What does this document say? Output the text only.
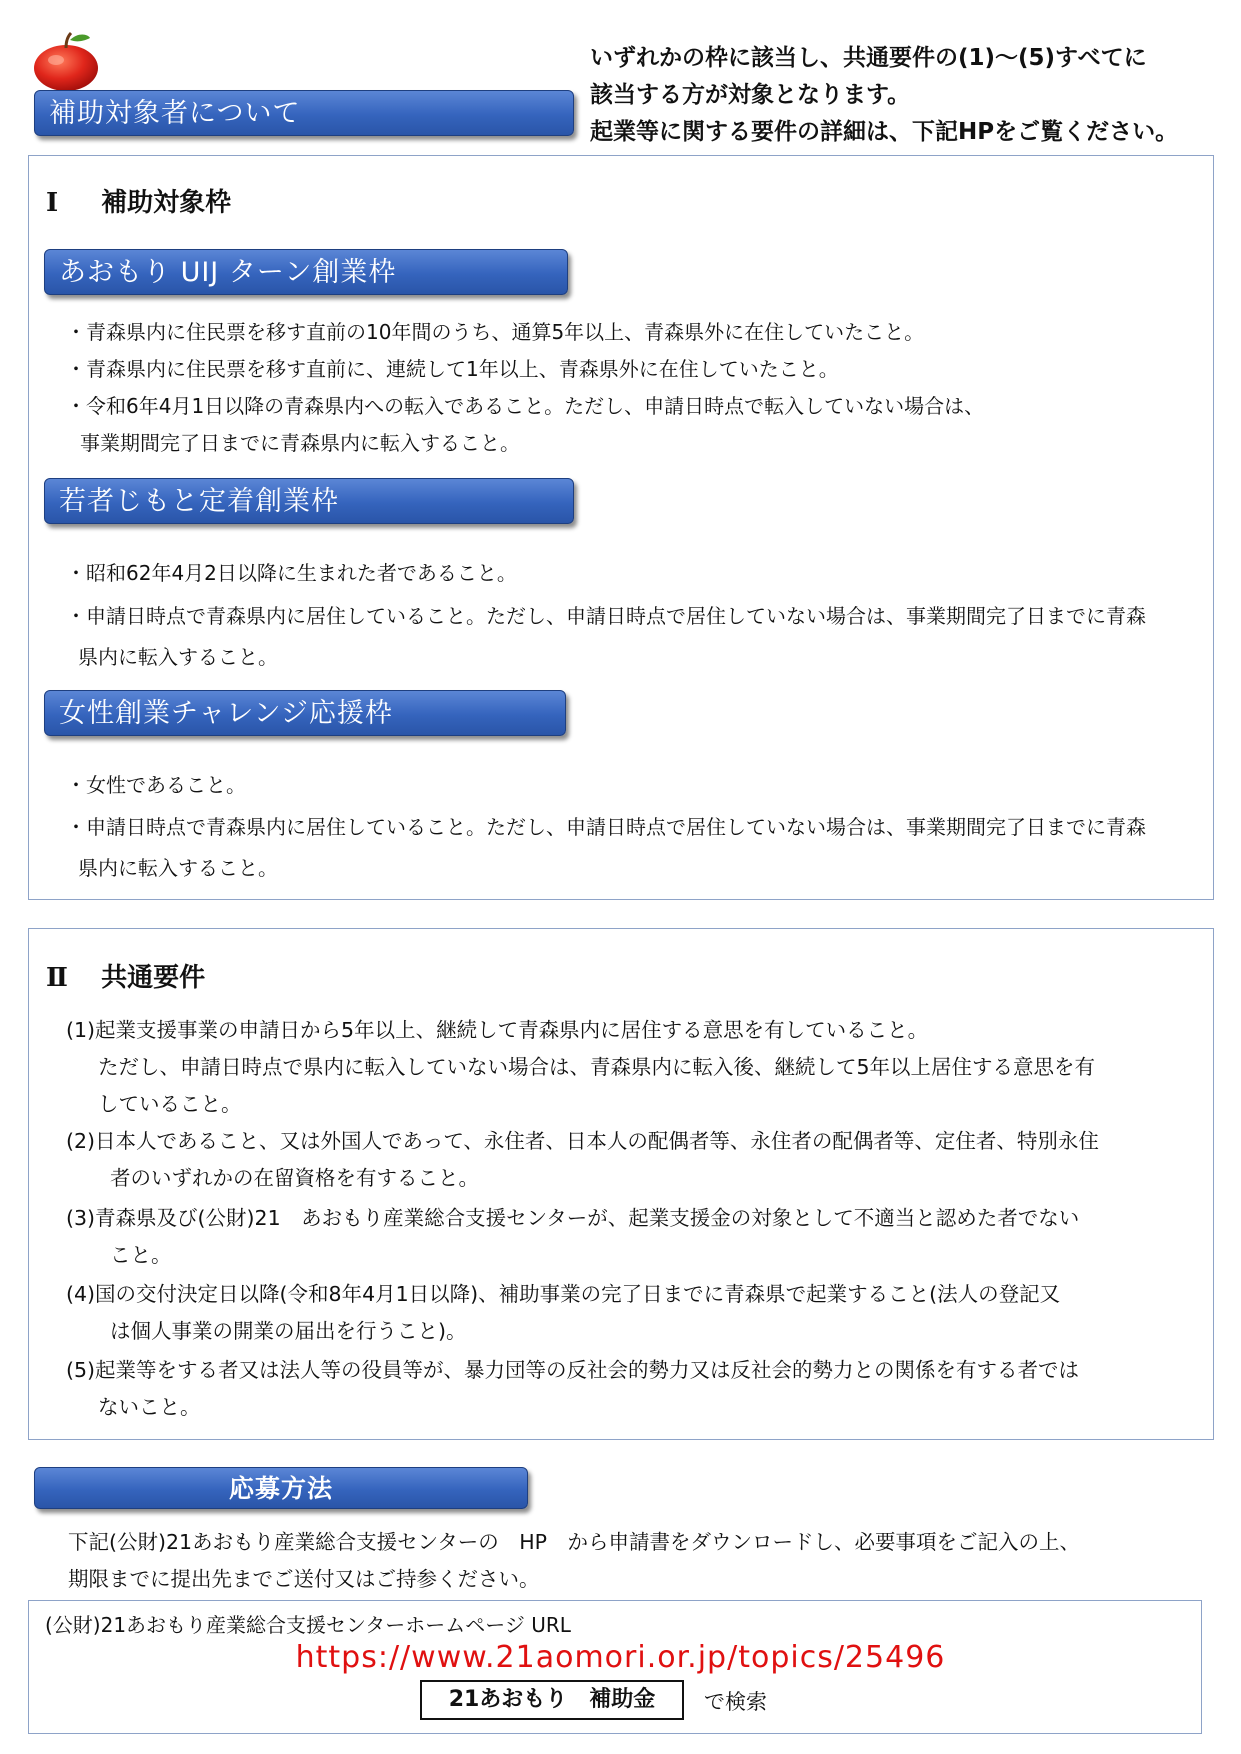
補助対象者について
いずれかの枠に該当し、共通要件の(1)～(5)すべてに
該当する方が対象となります。
起業等に関する要件の詳細は、下記HPをご覧ください。
Ⅰ 補助対象枠
あおもり UIJ ターン創業枠
・青森県内に住民票を移す直前の10年間のうち、通算5年以上、青森県外に在住していたこと。
・青森県内に住民票を移す直前に、連続して1年以上、青森県外に在住していたこと。
・令和6年4月1日以降の青森県内への転入であること。ただし、申請日時点で転入していない場合は、
事業期間完了日までに青森県内に転入すること。
若者じもと定着創業枠
・昭和62年4月2日以降に生まれた者であること。
・申請日時点で青森県内に居住していること。ただし、申請日時点で居住していない場合は、事業期間完了日までに青森
県内に転入すること。
女性創業チャレンジ応援枠
・女性であること。
・申請日時点で青森県内に居住していること。ただし、申請日時点で居住していない場合は、事業期間完了日までに青森
県内に転入すること。
Ⅱ 共通要件
(1)起業支援事業の申請日から5年以上、継続して青森県内に居住する意思を有していること。
ただし、申請日時点で県内に転入していない場合は、青森県内に転入後、継続して5年以上居住する意思を有
していること。
(2)日本人であること、又は外国人であって、永住者、日本人の配偶者等、永住者の配偶者等、定住者、特別永住
者のいずれかの在留資格を有すること。
(3)青森県及び(公財)21　あおもり産業総合支援センターが、起業支援金の対象として不適当と認めた者でない
こと。
(4)国の交付決定日以降(令和8年4月1日以降)、補助事業の完了日までに青森県で起業すること(法人の登記又
は個人事業の開業の届出を行うこと)。
(5)起業等をする者又は法人等の役員等が、暴力団等の反社会的勢力又は反社会的勢力との関係を有する者では
ないこと。
応募方法
下記(公財)21あおもり産業総合支援センターの　HP　から申請書をダウンロードし、必要事項をご記入の上、
期限までに提出先までご送付又はご持参ください。
(公財)21あおもり産業総合支援センターホームページ URL
https://www.21aomori.or.jp/topics/25496
21あおもり　補助金	で検索
